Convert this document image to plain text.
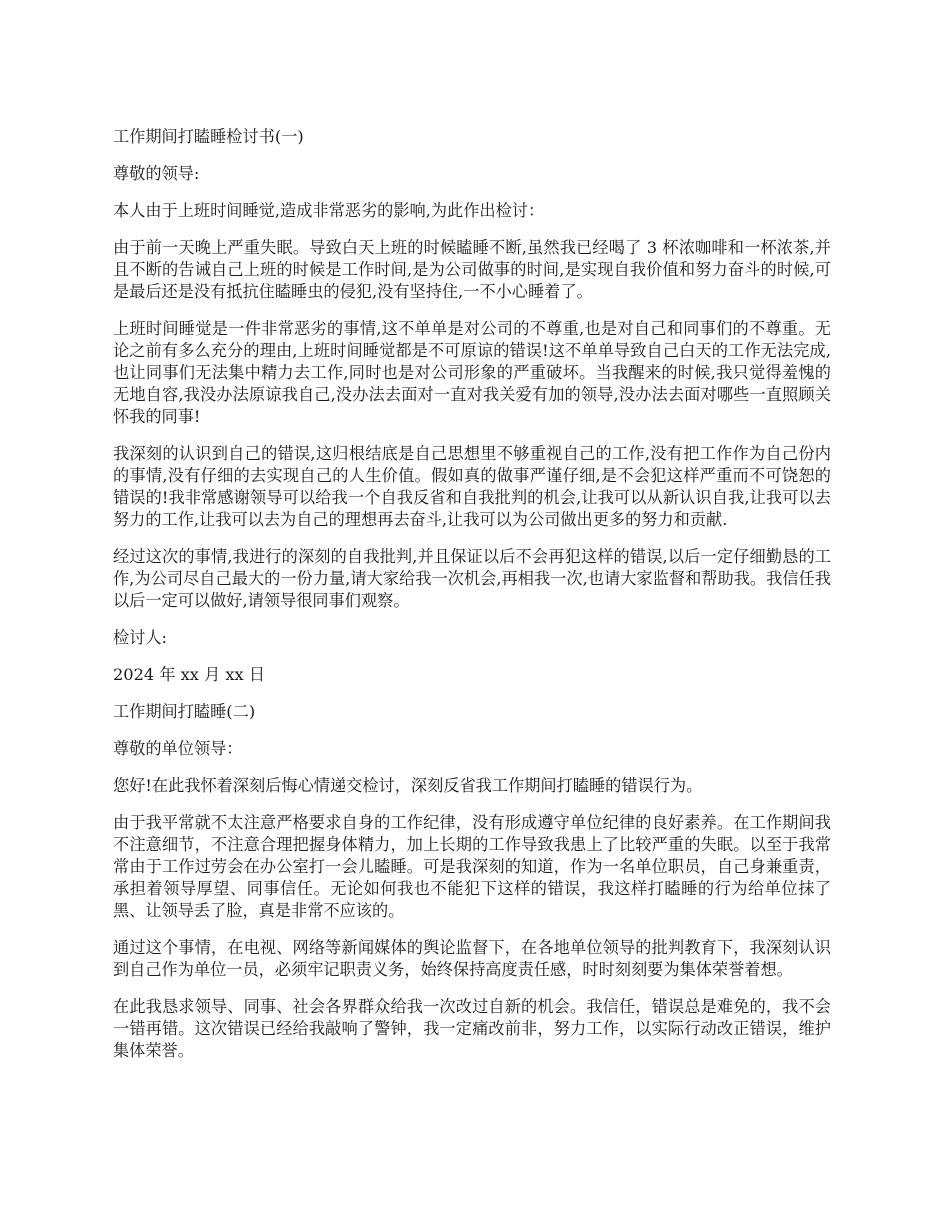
工作期间打瞌睡检讨书(一)

尊敬的领导:

本人由于上班时间睡觉,造成非常恶劣的影响,为此作出检讨：

由于前一天晚上严重失眠。导致白天上班的时候瞌睡不断,虽然我已经喝了 3 杯浓咖啡和一杯浓茶,并且不断的告诫自己上班的时候是工作时间,是为公司做事的时间,是实现自我价值和努力奋斗的时候,可是最后还是没有抵抗住瞌睡虫的侵犯,没有坚持住,一不小心睡着了。

上班时间睡觉是一件非常恶劣的事情,这不单单是对公司的不尊重,也是对自己和同事们的不尊重。无论之前有多么充分的理由,上班时间睡觉都是不可原谅的错误!这不单单导致自己白天的工作无法完成,也让同事们无法集中精力去工作,同时也是对公司形象的严重破坏。当我醒来的时候,我只觉得羞愧的无地自容,我没办法原谅我自己,没办法去面对一直对我关爱有加的领导,没办法去面对哪些一直照顾关怀我的同事!

我深刻的认识到自己的错误,这归根结底是自己思想里不够重视自己的工作,没有把工作作为自己份内的事情,没有仔细的去实现自己的人生价值。假如真的做事严谨仔细,是不会犯这样严重而不可饶恕的错误的!我非常感谢领导可以给我一个自我反省和自我批判的机会,让我可以从新认识自我,让我可以去努力的工作,让我可以去为自己的理想再去奋斗,让我可以为公司做出更多的努力和贡献.

经过这次的事情,我进行的深刻的自我批判,并且保证以后不会再犯这样的错误,以后一定仔细勤恳的工作,为公司尽自己最大的一份力量,请大家给我一次机会,再相我一次,也请大家监督和帮助我。我信任我以后一定可以做好,请领导很同事们观察。

检讨人:

2024 年 xx 月 xx 日

工作期间打瞌睡(二)

尊敬的单位领导：

您好!在此我怀着深刻后悔心情递交检讨，深刻反省我工作期间打瞌睡的错误行为。

由于我平常就不太注意严格要求自身的工作纪律，没有形成遵守单位纪律的良好素养。在工作期间我不注意细节，不注意合理把握身体精力，加上长期的工作导致我患上了比较严重的失眠。以至于我常常由于工作过劳会在办公室打一会儿瞌睡。可是我深刻的知道，作为一名单位职员，自己身兼重责，承担着领导厚望、同事信任。无论如何我也不能犯下这样的错误，我这样打瞌睡的行为给单位抹了黑、让领导丢了脸，真是非常不应该的。

通过这个事情，在电视、网络等新闻媒体的舆论监督下，在各地单位领导的批判教育下，我深刻认识到自己作为单位一员，必须牢记职责义务，始终保持高度责任感，时时刻刻要为集体荣誉着想。

在此我恳求领导、同事、社会各界群众给我一次改过自新的机会。我信任，错误总是难免的，我不会一错再错。这次错误已经给我敲响了警钟，我一定痛改前非，努力工作，以实际行动改正错误，维护集体荣誉。
